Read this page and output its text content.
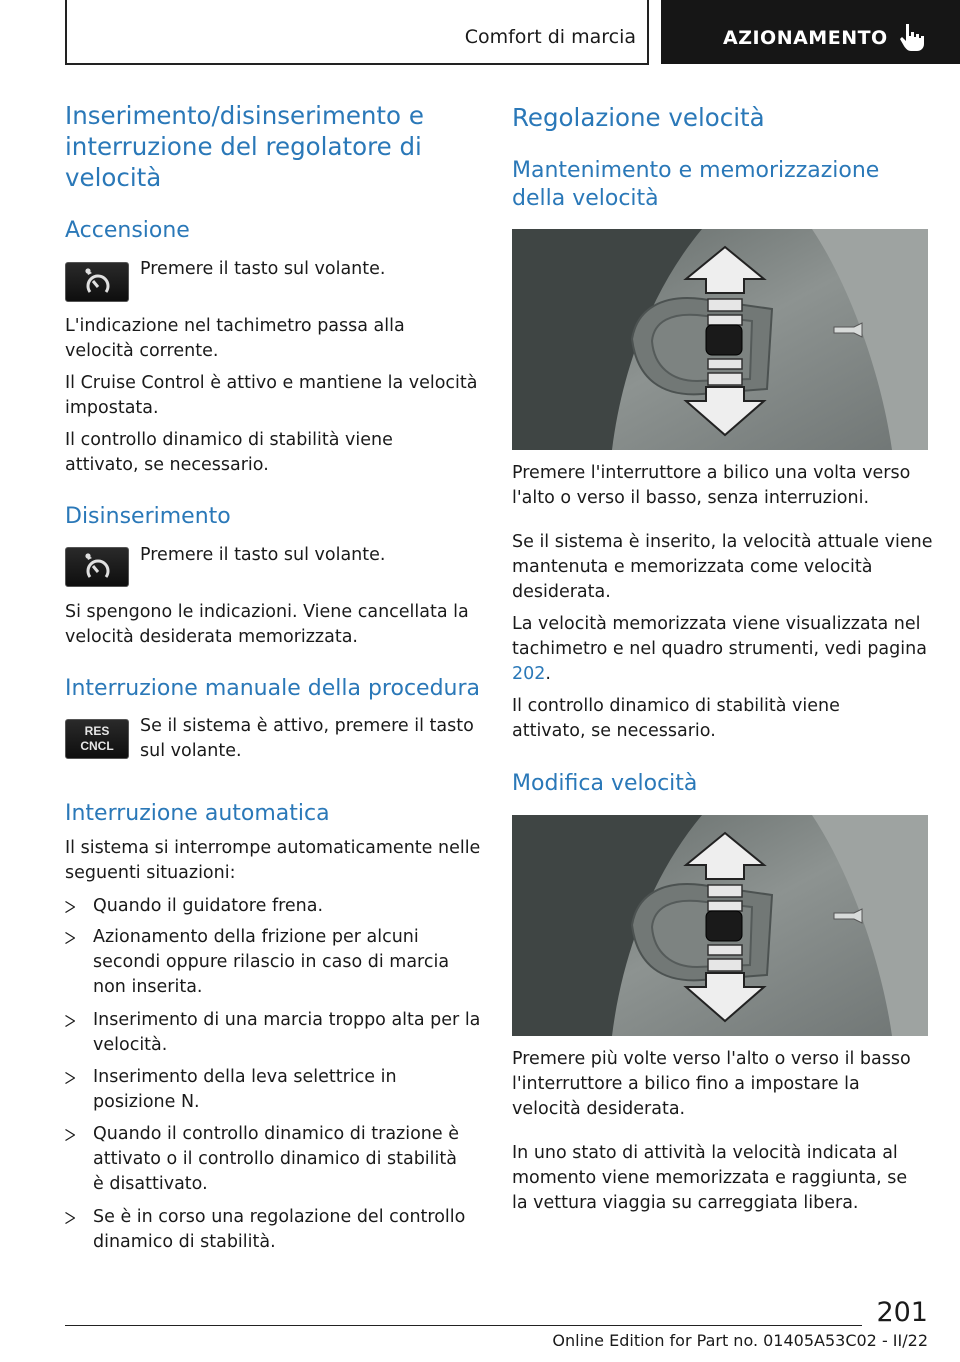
Comfort di marcia	AZIONAMENTO
Inserimento/disinserimento e interruzione del regolatore di velocità
Accensione
Premere il tasto sul volante.
L'indicazione nel tachimetro passa alla velocità corrente.
Il Cruise Control è attivo e mantiene la velocità impostata.
Il controllo dinamico di stabilità viene attivato, se necessario.
Disinserimento
Premere il tasto sul volante.
Si spengono le indicazioni. Viene cancellata la velocità desiderata memorizzata.
Interruzione manuale della procedura
RES
CNCL
Se il sistema è attivo, premere il tasto sul volante.
Interruzione automatica
Il sistema si interrompe automaticamente nelle seguenti situazioni:
Quando il guidatore frena.
Azionamento della frizione per alcuni secondi oppure rilascio in caso di marcia non inserita.
Inserimento di una marcia troppo alta per la velocità.
Inserimento della leva selettrice in posizione N.
Quando il controllo dinamico di trazione è attivato o il controllo dinamico di stabilità è disattivato.
Se è in corso una regolazione del controllo dinamico di stabilità.
Regolazione velocità
Mantenimento e memorizzazione della velocità
Premere l'interruttore a bilico una volta verso l'alto o verso il basso, senza interruzioni.
Se il sistema è inserito, la velocità attuale viene mantenuta e memorizzata come velocità desiderata.
La velocità memorizzata viene visualizzata nel tachimetro e nel quadro strumenti, vedi pagina 202.
Il controllo dinamico di stabilità viene attivato, se necessario.
Modifica velocità
Premere più volte verso l'alto o verso il basso l'interruttore a bilico fino a impostare la velocità desiderata.
In uno stato di attività la velocità indicata al momento viene memorizzata e raggiunta, se la vettura viaggia su carreggiata libera.
201
Online Edition for Part no. 01405A53C02 - II/22
